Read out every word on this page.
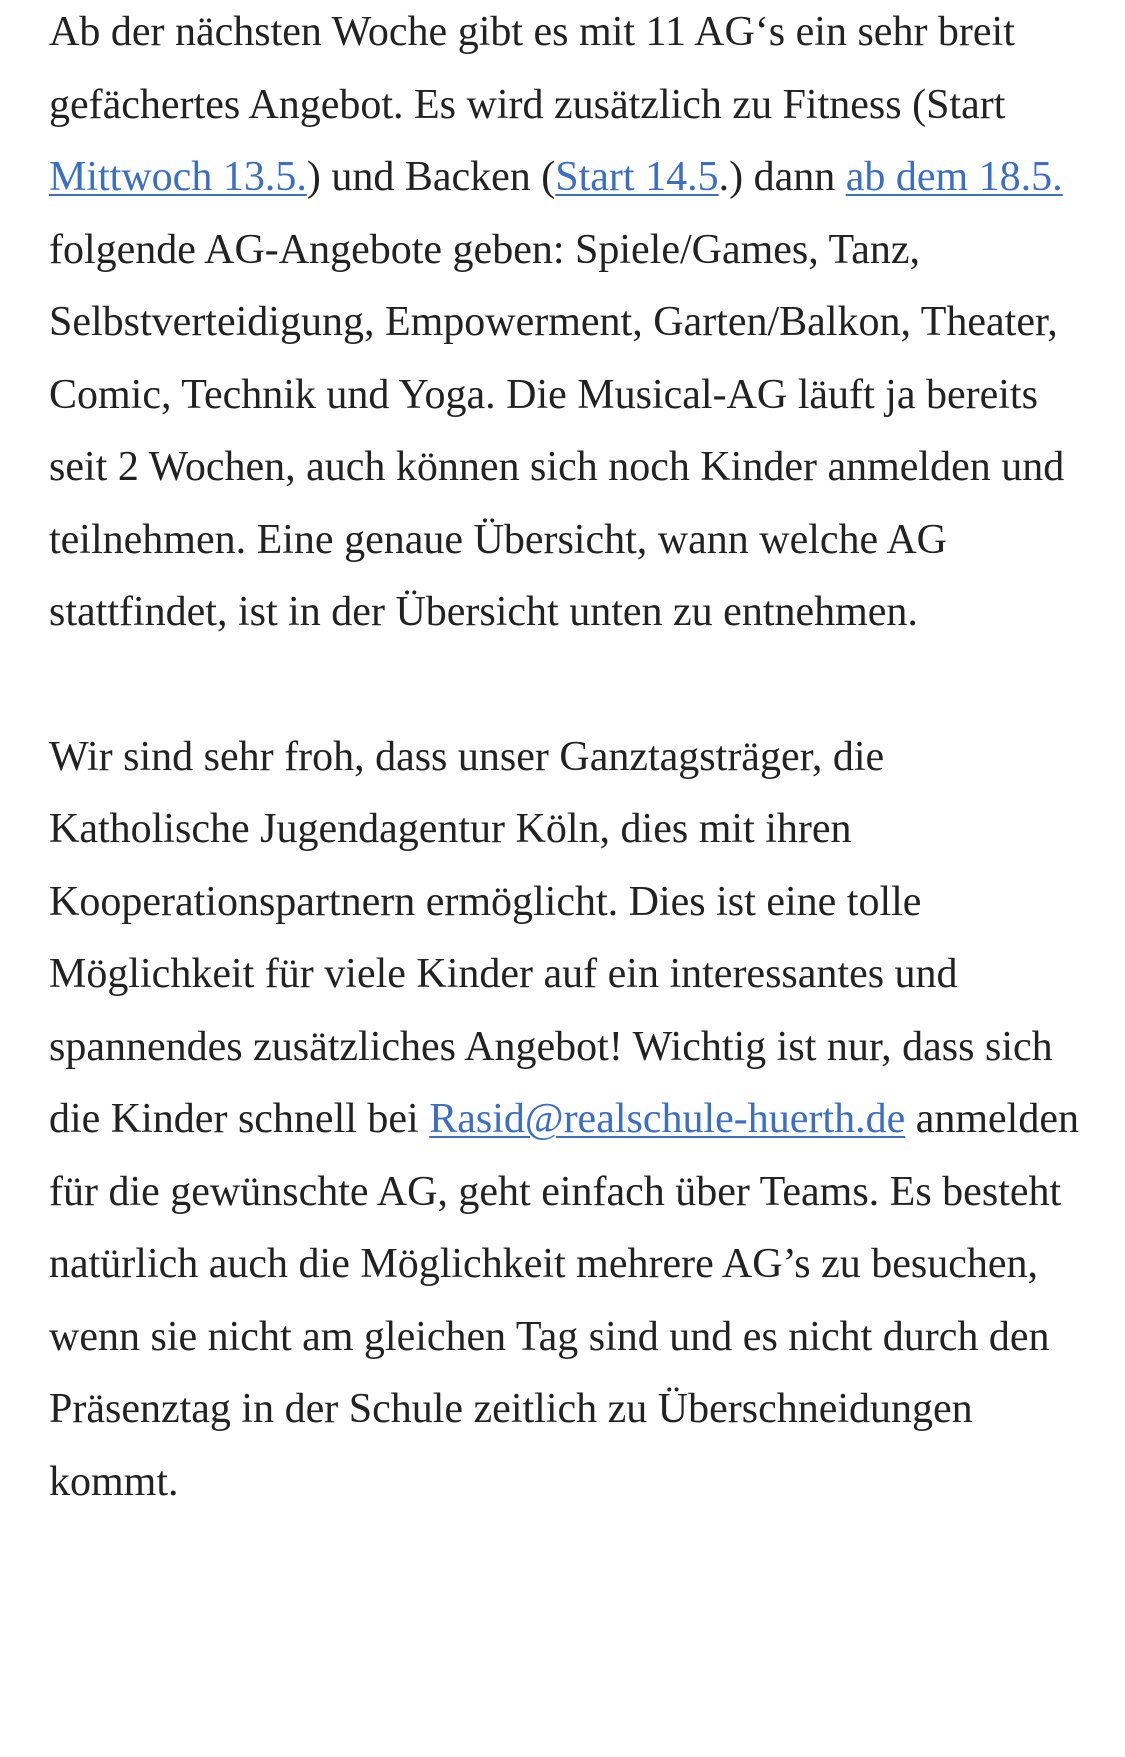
Ab der nächsten Woche gibt es mit 11 AG‘s ein sehr breit gefächertes Angebot. Es wird zusätzlich zu Fitness (Start Mittwoch 13.5.) und Backen (Start 14.5.) dann ab dem 18.5. folgende AG-Angebote geben: Spiele/Games, Tanz, Selbstverteidigung, Empowerment, Garten/Balkon, Theater, Comic, Technik und Yoga. Die Musical-AG läuft ja bereits seit 2 Wochen, auch können sich noch Kinder anmelden und teilnehmen. Eine genaue Übersicht, wann welche AG stattfindet, ist in der Übersicht unten zu entnehmen.

Wir sind sehr froh, dass unser Ganztagsträger, die Katholische Jugendagentur Köln, dies mit ihren Kooperationspartnern ermöglicht. Dies ist eine tolle Möglichkeit für viele Kinder auf ein interessantes und spannendes zusätzliches Angebot! Wichtig ist nur, dass sich die Kinder schnell bei Rasid@realschule-huerth.de anmelden für die gewünschte AG, geht einfach über Teams. Es besteht natürlich auch die Möglichkeit mehrere AG’s zu besuchen, wenn sie nicht am gleichen Tag sind und es nicht durch den Präsenztag in der Schule zeitlich zu Überschneidungen kommt.
